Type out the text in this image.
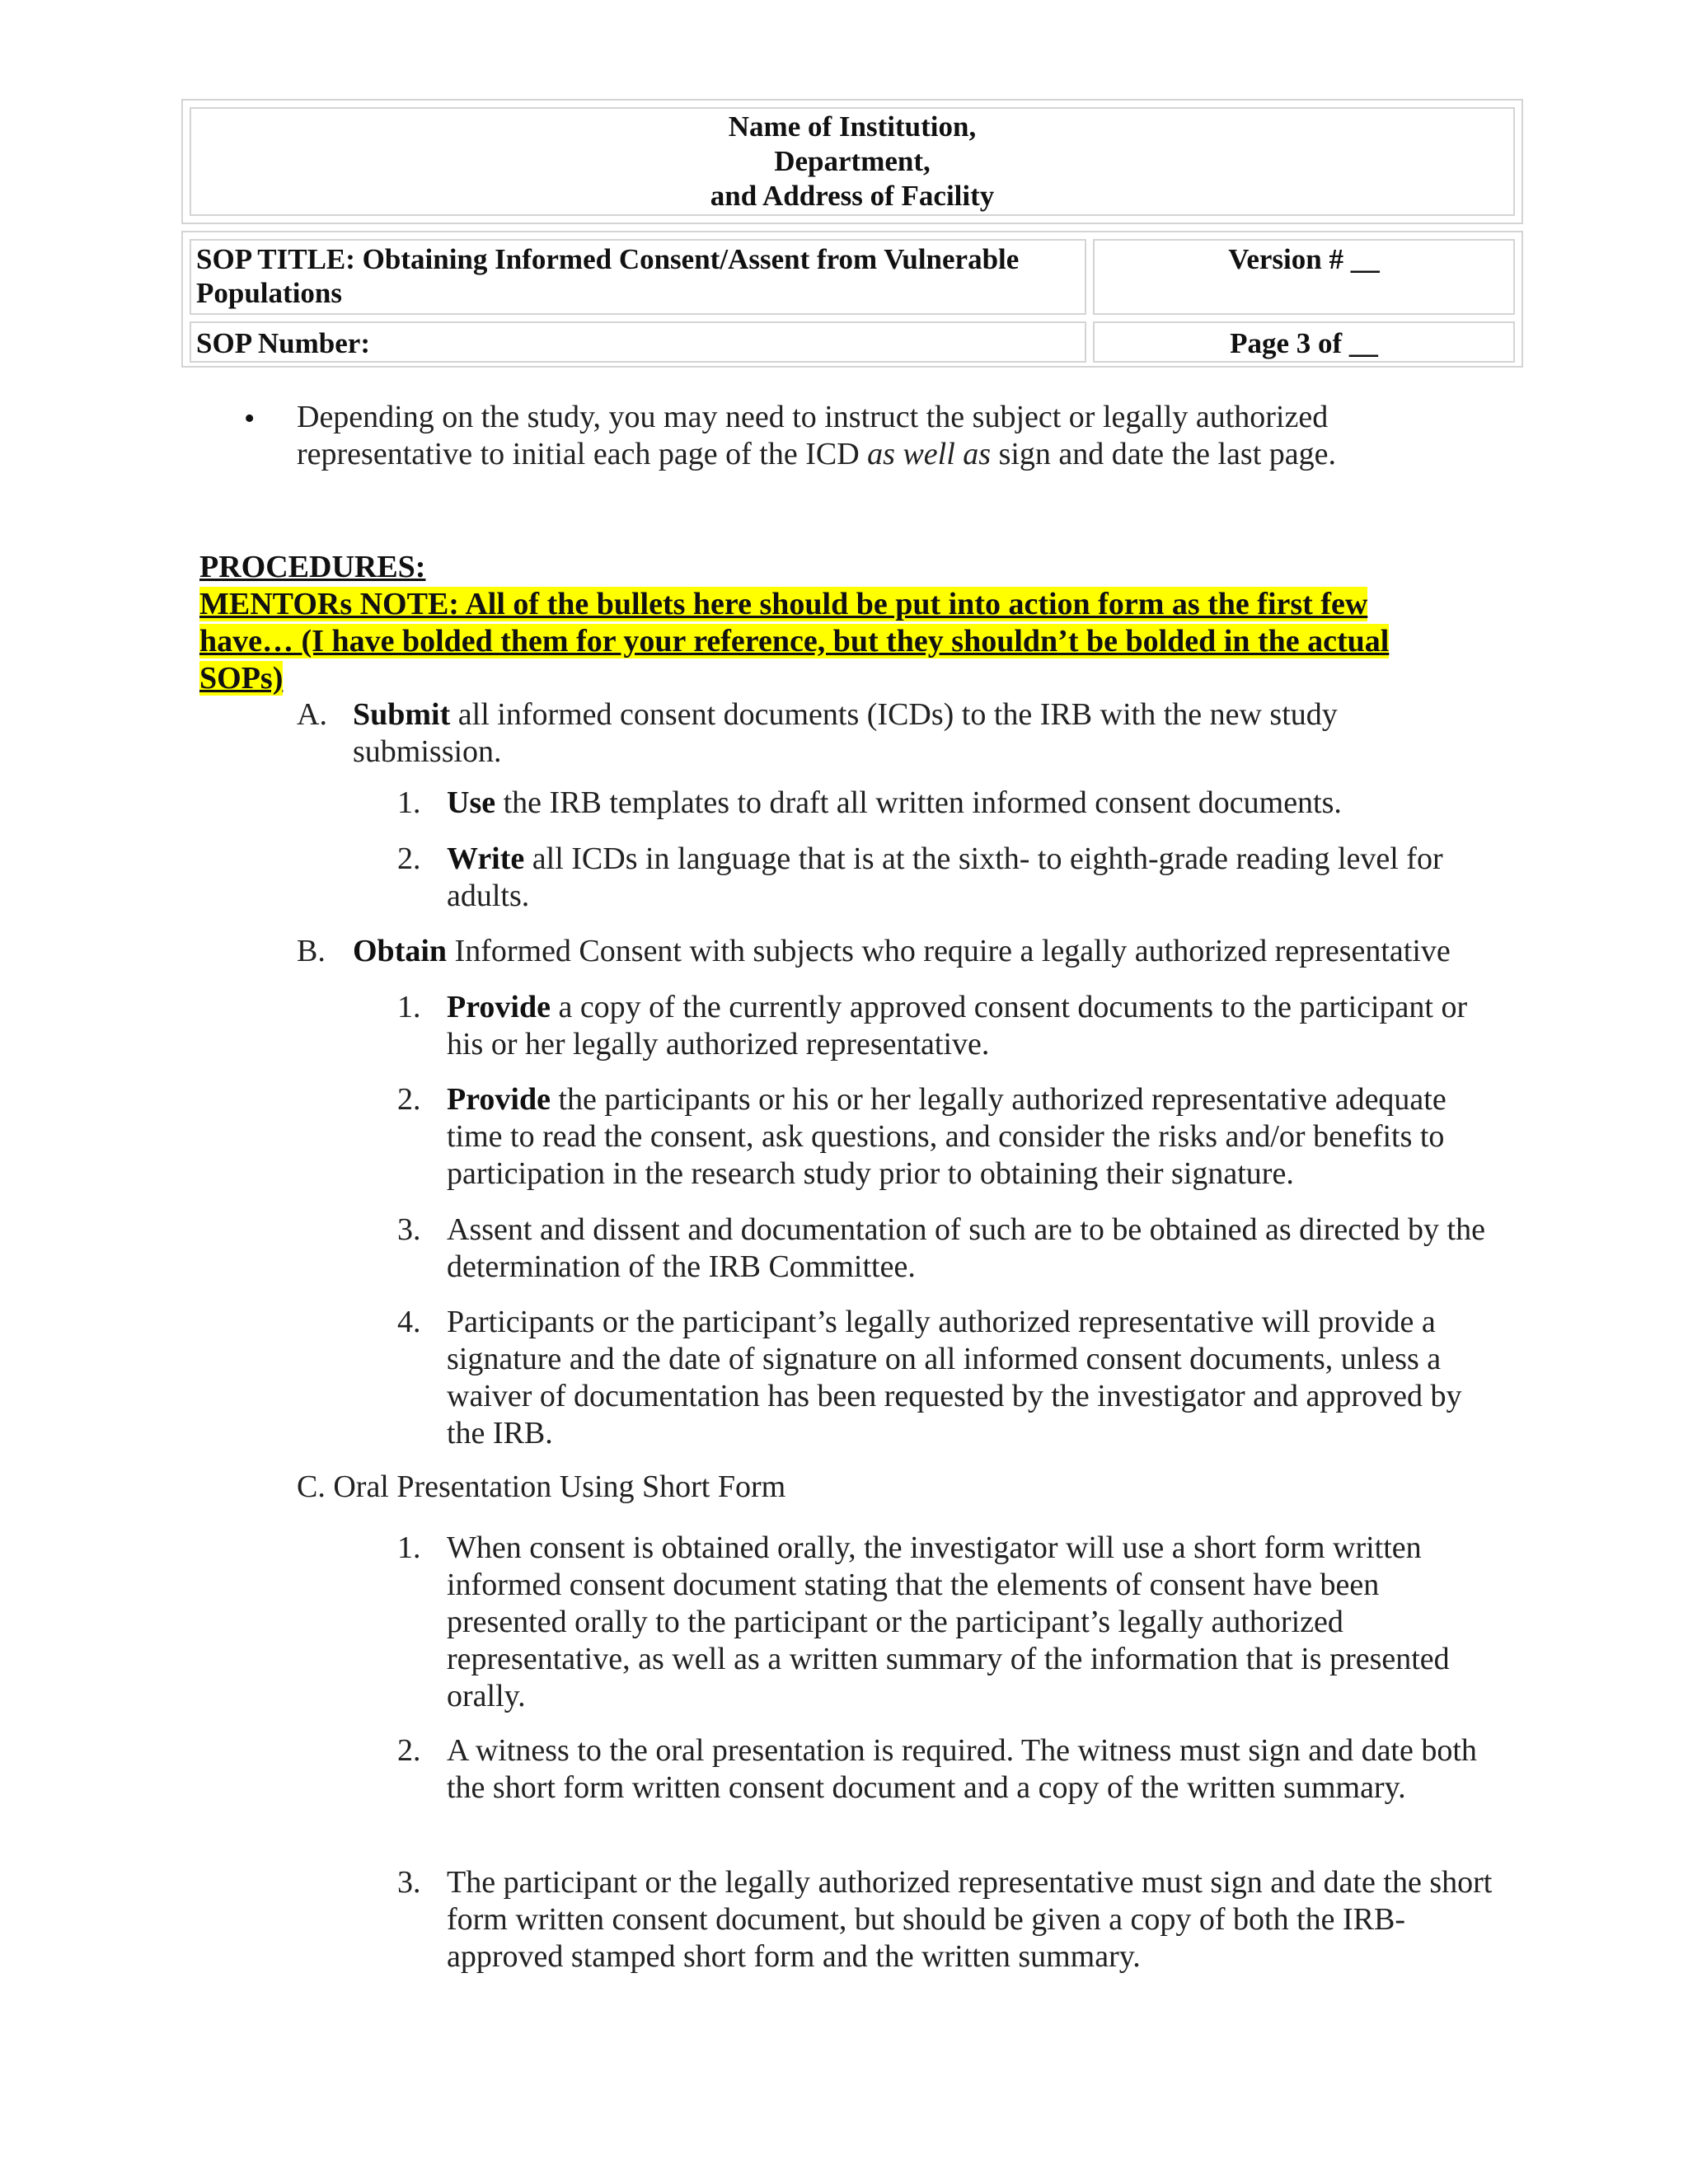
Name of Institution,
Department,
and Address of Facility
SOP TITLE: Obtaining Informed Consent/Assent from Vulnerable Populations
Version # __
SOP Number:	Page 3 of __
• Depending on the study, you may need to instruct the subject or legally authorized representative to initial each page of the ICD as well as sign and date the last page.
PROCEDURES:
MENTORs NOTE: All of the bullets here should be put into action form as the first few have… (I have bolded them for your reference, but they shouldn’t be bolded in the actual SOPs)
A. Submit all informed consent documents (ICDs) to the IRB with the new study submission.
1. Use the IRB templates to draft all written informed consent documents.
2. Write all ICDs in language that is at the sixth- to eighth-grade reading level for adults.
B. Obtain Informed Consent with subjects who require a legally authorized representative
1. Provide a copy of the currently approved consent documents to the participant or his or her legally authorized representative.
2. Provide the participants or his or her legally authorized representative adequate time to read the consent, ask questions, and consider the risks and/or benefits to participation in the research study prior to obtaining their signature.
3. Assent and dissent and documentation of such are to be obtained as directed by the determination of the IRB Committee.
4. Participants or the participant’s legally authorized representative will provide a signature and the date of signature on all informed consent documents, unless a waiver of documentation has been requested by the investigator and approved by the IRB.
C. Oral Presentation Using Short Form
1. When consent is obtained orally, the investigator will use a short form written informed consent document stating that the elements of consent have been presented orally to the participant or the participant’s legally authorized representative, as well as a written summary of the information that is presented orally.
2. A witness to the oral presentation is required. The witness must sign and date both the short form written consent document and a copy of the written summary.
3. The participant or the legally authorized representative must sign and date the short form written consent document, but should be given a copy of both the IRB-approved stamped short form and the written summary.
